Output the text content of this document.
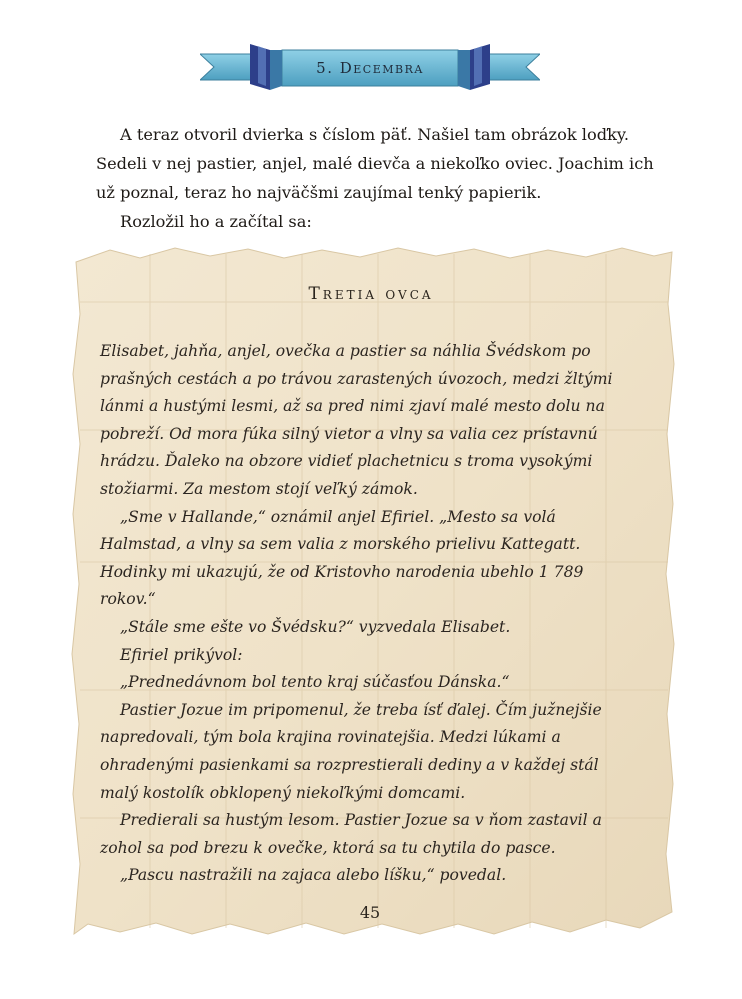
5. Decembra

A teraz otvoril dvierka s číslom päť. Našiel tam obrázok loďky. Sedeli v nej pastier, anjel, malé dievča a niekoľko oviec. Joachim ich už poznal, teraz ho najväčšmi zaujímal tenký papierik.

Rozložil ho a začítal sa:

Tretia ovca

Elisabet, jahňa, anjel, ovečka a pastier sa náhlia Švédskom po prašných cestách a po trávou zarastených úvozoch, medzi žltými lánmi a hustými lesmi, až sa pred nimi zjaví malé mesto dolu na pobreží. Od mora fúka silný vietor a vlny sa valia cez prístavnú hrádzu. Ďaleko na obzore vidieť plachetnicu s troma vysokými stožiarmi. Za mestom stojí veľký zámok.

„Sme v Hallande,“ oznámil anjel Efiriel. „Mesto sa volá Halmstad, a vlny sa sem valia z morského prielivu Kattegatt. Hodinky mi ukazujú, že od Kristovho narodenia ubehlo 1 789 rokov.“

„Stále sme ešte vo Švédsku?“ vyzvedala Elisabet.

Efiriel prikývol:

„Prednedávnom bol tento kraj súčasťou Dánska.“

Pastier Jozue im pripomenul, že treba ísť ďalej. Čím južnejšie napredovali, tým bola krajina rovinatejšia. Medzi lúkami a ohradenými pasienkami sa rozprestierali dediny a v každej stál malý kostolík obklopený niekoľkými domcami.

Predierali sa hustým lesom. Pastier Jozue sa v ňom zastavil a zohol sa pod brezu k ovečke, ktorá sa tu chytila do pasce.

„Pascu nastražili na zajaca alebo líšku,“ povedal.

45
